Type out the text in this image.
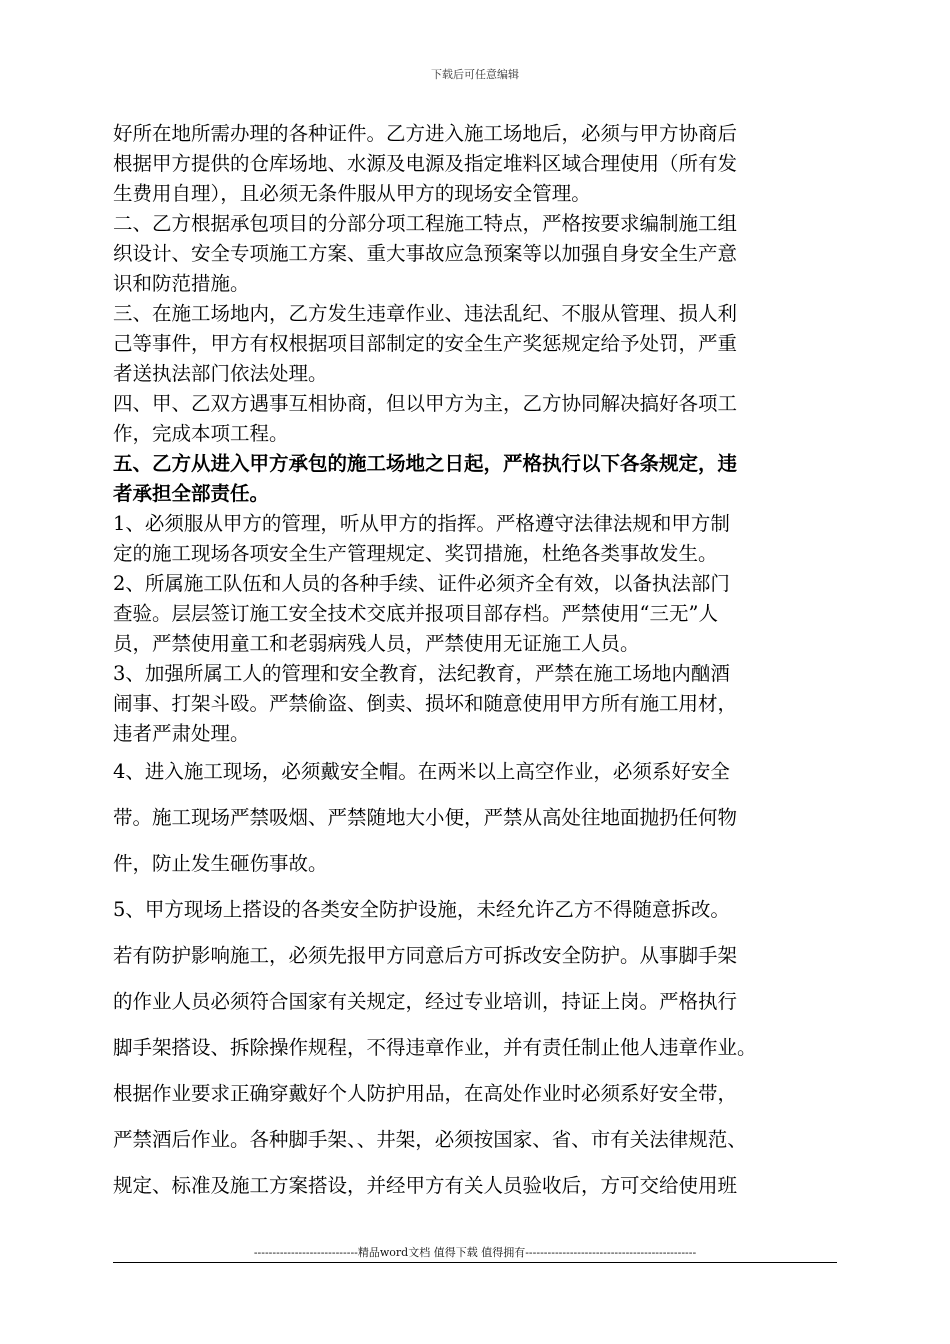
下载后可任意编辑

好所在地所需办理的各种证件。乙方进入施工场地后，必须与甲方协商后
根据甲方提供的仓库场地、水源及电源及指定堆料区域合理使用（所有发
生费用自理），且必须无条件服从甲方的现场安全管理。

二、乙方根据承包项目的分部分项工程施工特点，严格按要求编制施工组
织设计、安全专项施工方案、重大事故应急预案等以加强自身安全生产意
识和防范措施。

三、在施工场地内，乙方发生违章作业、违法乱纪、不服从管理、损人利
己等事件，甲方有权根据项目部制定的安全生产奖惩规定给予处罚，严重
者送执法部门依法处理。

四、甲、乙双方遇事互相协商，但以甲方为主，乙方协同解决搞好各项工
作，完成本项工程。

五、乙方从进入甲方承包的施工场地之日起，严格执行以下各条规定，违
者承担全部责任。

1、必须服从甲方的管理，听从甲方的指挥。严格遵守法律法规和甲方制
定的施工现场各项安全生产管理规定、奖罚措施，杜绝各类事故发生。

2、所属施工队伍和人员的各种手续、证件必须齐全有效，以备执法部门
查验。层层签订施工安全技术交底并报项目部存档。严禁使用“三无”人
员，严禁使用童工和老弱病残人员，严禁使用无证施工人员。

3、加强所属工人的管理和安全教育，法纪教育，严禁在施工场地内酗酒
闹事、打架斗殴。严禁偷盗、倒卖、损坏和随意使用甲方所有施工用材，
违者严肃处理。

4、进入施工现场，必须戴安全帽。在两米以上高空作业，必须系好安全
带。施工现场严禁吸烟、严禁随地大小便，严禁从高处往地面抛扔任何物
件，防止发生砸伤事故。

5、甲方现场上搭设的各类安全防护设施，未经允许乙方不得随意拆改。
若有防护影响施工，必须先报甲方同意后方可拆改安全防护。从事脚手架
的作业人员必须符合国家有关规定，经过专业培训，持证上岗。严格执行
脚手架搭设、拆除操作规程，不得违章作业，并有责任制止他人违章作业。
根据作业要求正确穿戴好个人防护用品，在高处作业时必须系好安全带，
严禁酒后作业。各种脚手架、、井架，必须按国家、省、市有关法律规范、
规定、标准及施工方案搭设，并经甲方有关人员验收后，方可交给使用班

----------------------------精品word文档 值得下载 值得拥有----------------------------------------------
